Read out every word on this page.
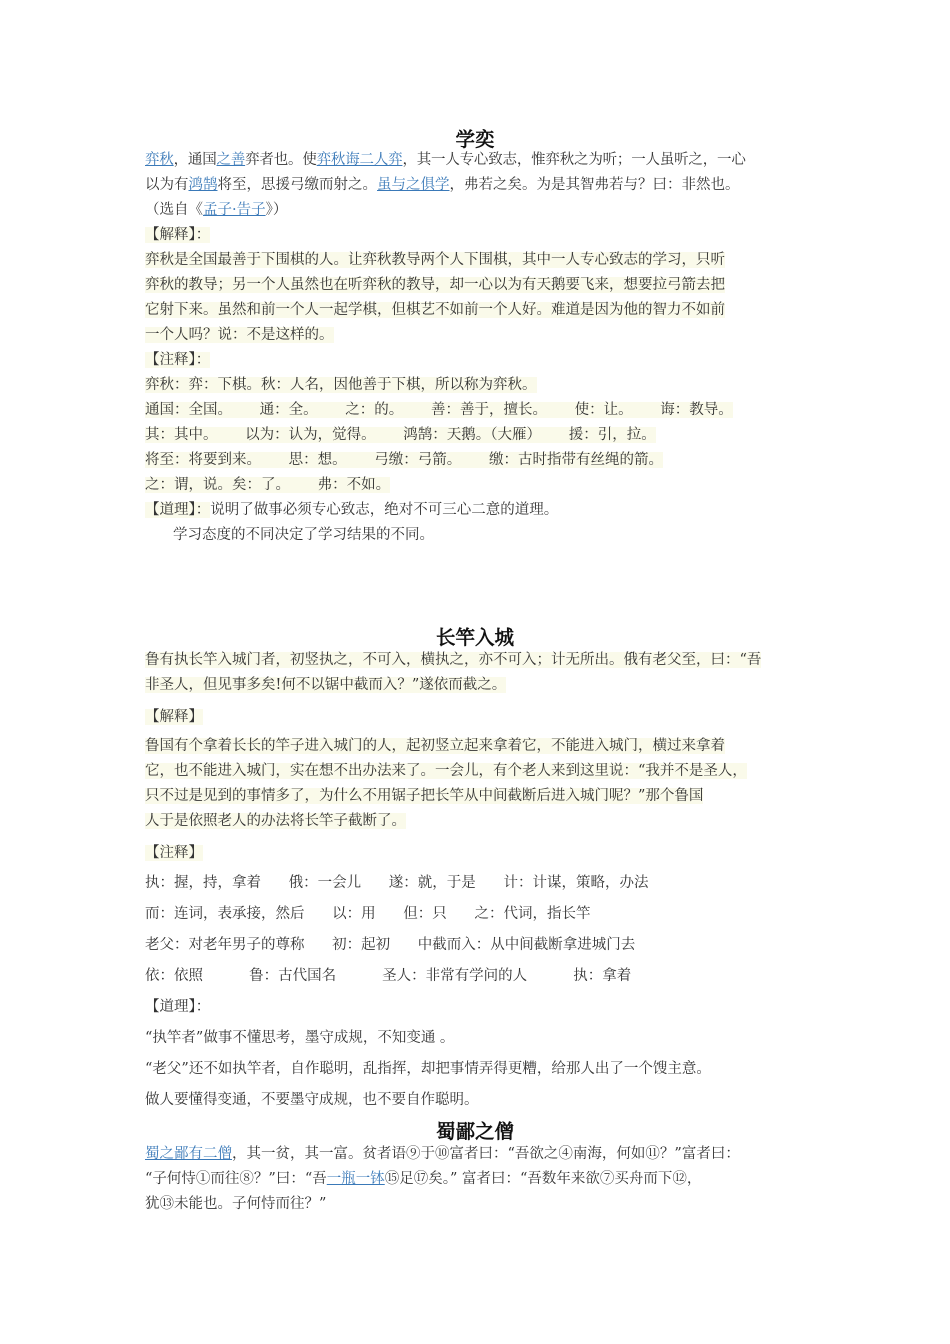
学奕
弈秋，通国之善弈者也。使弈秋诲二人弈，其一人专心致志，惟弈秋之为听；一人虽听之，一心
以为有鸿鹄将至，思援弓缴而射之。虽与之俱学，弗若之矣。为是其智弗若与？曰：非然也。
（选自《孟子·告子》）
【解释】：
弈秋是全国最善于下围棋的人。让弈秋教导两个人下围棋，其中一人专心致志的学习，只听
弈秋的教导；另一个人虽然也在听弈秋的教导，却一心以为有天鹅要飞来，想要拉弓箭去把
它射下来。虽然和前一个人一起学棋，但棋艺不如前一个人好。难道是因为他的智力不如前
一个人吗？说：不是这样的。
【注释】：
弈秋：弈：下棋。秋：人名，因他善于下棋，所以称为弈秋。
通国：全国。      通：全。      之：的。      善：善于，擅长。      使：让。      诲：教导。
其：其中。      以为：认为，觉得。      鸿鹄：天鹅。（大雁）      援：引，拉。
将至：将要到来。      思：想。      弓缴：弓箭。      缴：古时指带有丝绳的箭。
之：谓，说。矣：了。      弗：不如。
【道理】：说明了做事必须专心致志，绝对不可三心二意的道理。
学习态度的不同决定了学习结果的不同。
长竿入城
鲁有执长竿入城门者，初竖执之，不可入，横执之，亦不可入；计无所出。俄有老父至，曰：“吾
非圣人，但见事多矣!何不以锯中截而入？”遂依而截之。
【解释】
鲁国有个拿着长长的竿子进入城门的人，起初竖立起来拿着它，不能进入城门，横过来拿着
它，也不能进入城门，实在想不出办法来了。一会儿，有个老人来到这里说：“我并不是圣人，
只不过是见到的事情多了，为什么不用锯子把长竿从中间截断后进入城门呢？”那个鲁国
人于是依照老人的办法将长竿子截断了。
【注释】
执：握，持，拿着      俄：一会儿      遂：就，于是      计：计谋，策略，办法
而：连词，表承接，然后      以：用      但：只      之：代词，指长竿
老父：对老年男子的尊称      初：起初      中截而入：从中间截断拿进城门去
依：依照          鲁：古代国名          圣人：非常有学问的人          执：拿着
【道理】：
“执竿者”做事不懂思考，墨守成规，不知变通 。
“老父”还不如执竿者，自作聪明，乱指挥，却把事情弄得更糟，给那人出了一个馊主意。
做人要懂得变通，不要墨守成规，也不要自作聪明。
蜀鄙之僧
蜀之鄙有二僧，其一贫，其一富。贫者语⑨于⑩富者曰：“吾欲之④南海，何如⑪？”富者曰：
“子何恃①而往⑧？”曰：“吾一瓶一钵⑮足⑰矣。” 富者曰：“吾数年来欲⑦买舟而下⑫，
犹⑬未能也。子何恃而往？”
